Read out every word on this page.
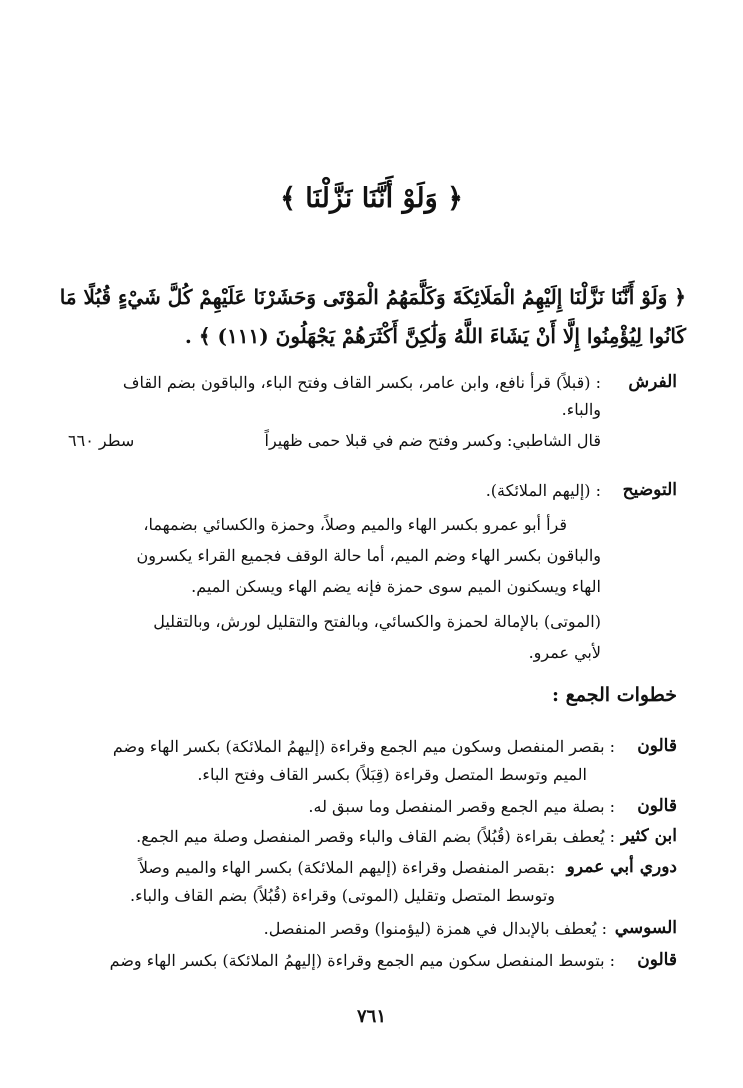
﴿ وَلَوْ أَنَّنَا نَزَّلْنَا ﴾
﴿ وَلَوْ أَنَّنَا نَزَّلْنَا إِلَيْهِمُ الْمَلَائِكَةَ وَكَلَّمَهُمُ الْمَوْتَى وَحَشَرْنَا عَلَيْهِمْ كُلَّ شَيْءٍ قُبُلًا مَا
كَانُوا لِيُؤْمِنُوا إِلَّا أَنْ يَشَاءَ اللَّهُ وَلَٰكِنَّ أَكْثَرَهُمْ يَجْهَلُونَ (١١١) ﴾ .
الفرش
: (قبلاً) قرأ نافع، وابن عامر، بكسر القاف وفتح الباء، والباقون بضم القاف
والباء.
قال الشاطبي: وكسر وفتح ضم في قبلا حمى ظهيراً
سطر ٦٦٠
التوضيح
: (إليهم الملائكة).
قرأ أبو عمرو بكسر الهاء والميم وصلاً، وحمزة والكسائي بضمهما،
والباقون بكسر الهاء وضم الميم، أما حالة الوقف فجميع القراء يكسرون
الهاء ويسكنون الميم سوى حمزة فإنه يضم الهاء ويسكن الميم.
(الموتى) بالإمالة لحمزة والكسائي، وبالفتح والتقليل لورش، وبالتقليل
لأبي عمرو.
خطوات الجمع :
قالون
: بقصر المنفصل وسكون ميم الجمع وقراءة (إليهمُ الملائكة) بكسر الهاء وضم
الميم وتوسط المتصل وقراءة (قِبَلاً) بكسر القاف وفتح الباء.
قالون
: بصلة ميم الجمع وقصر المنفصل وما سبق له.
ابن كثير
: يُعطف بقراءة (قُبُلاً) بضم القاف والباء وقصر المنفصل وصلة ميم الجمع.
دوري أبي عمرو
:بقصر المنفصل وقراءة (إليهم الملائكة) بكسر الهاء والميم وصلاً
وتوسط المتصل وتقليل (الموتى) وقراءة (قُبُلاً) بضم القاف والباء.
السوسي
: يُعطف بالإبدال في همزة (ليؤمنوا) وقصر المنفصل.
قالون
: بتوسط المنفصل سكون ميم الجمع وقراءة (إليهمُ الملائكة) بكسر الهاء وضم
٧٦١
